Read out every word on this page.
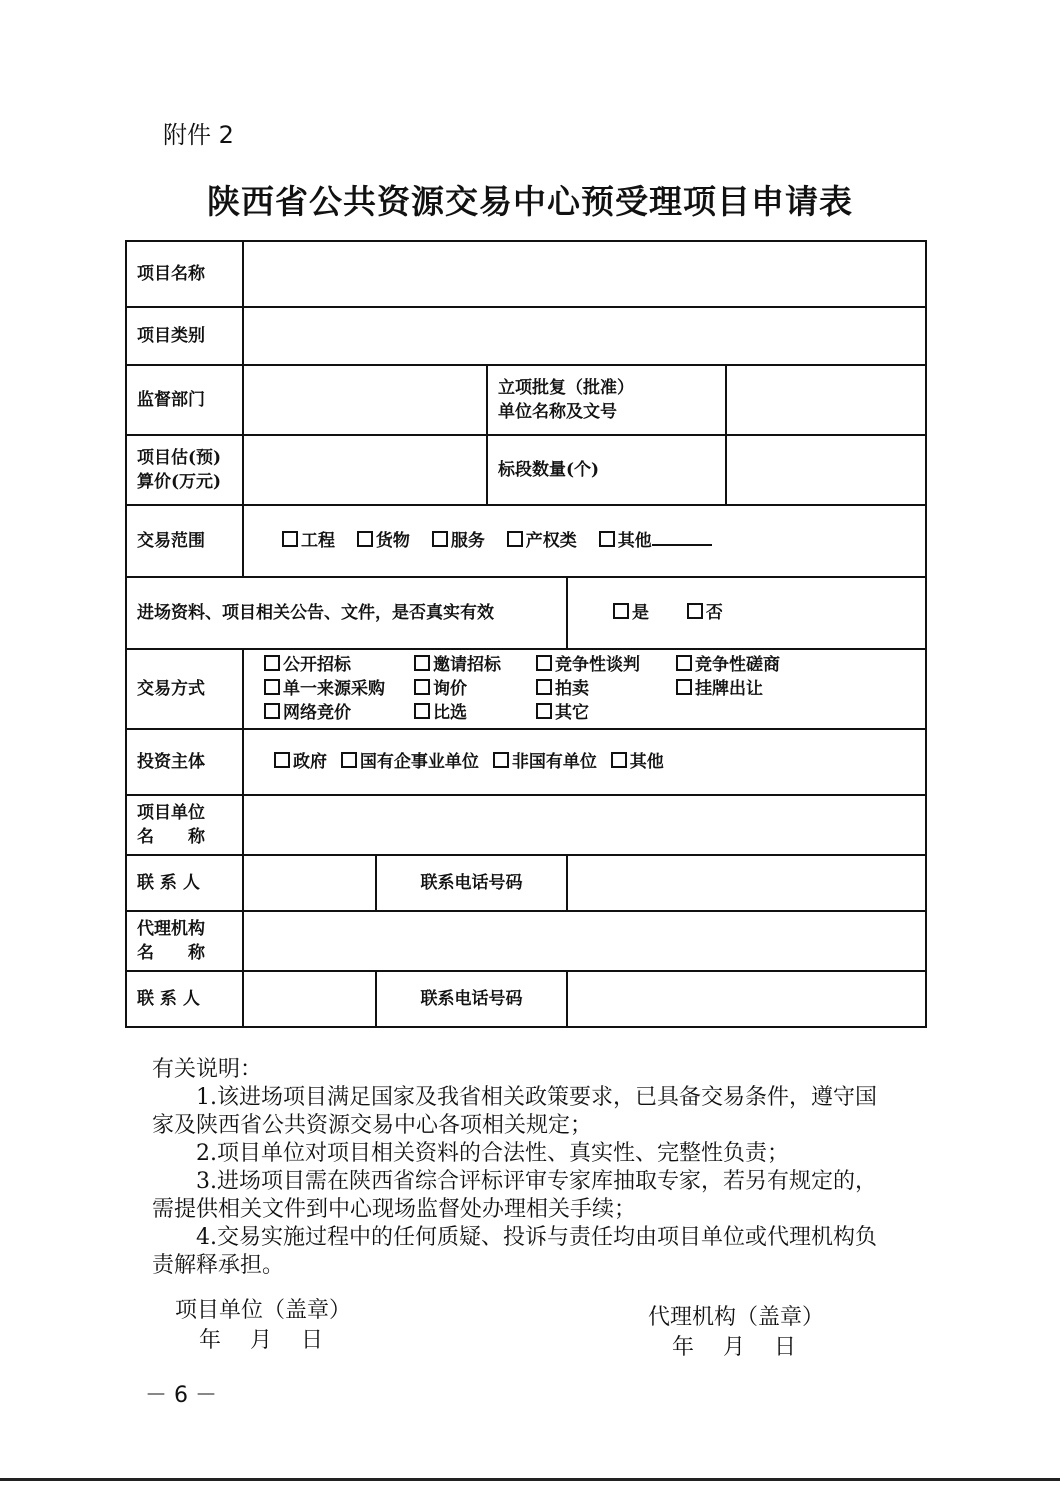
附件 2
陕西省公共资源交易中心预受理项目申请表
项目名称					
项目类别					
监督部门			立项批复（批准）
单位名称及文号		

项目估(预)
算价(万元)			标段数量(个)		
交易范围	工程 货物 服务 产权类 其他				
进场资料、项目相关公告、文件，是否真实有效				是 否	
交易方式	
公开招标	邀请招标	竞争性谈判	竞争性磋商
单一来源采购	询价	拍卖	挂牌出让
网络竞价	比选	其它

投资主体	政府 国有企事业单位 非国有单位 其他				

项目单位
名　　称					

联 系 人		联系电话号码			

代理机构
名　　称					

联 系 人		联系电话号码			

有关说明：

1.该进场项目满足国家及我省相关政策要求，已具备交易条件，遵守国家及陕西省公共资源交易中心各项相关规定；

2.项目单位对项目相关资料的合法性、真实性、完整性负责；

3.进场项目需在陕西省综合评标评审专家库抽取专家，若另有规定的，需提供相关文件到中心现场监督处办理相关手续；

4.交易实施过程中的任何质疑、投诉与责任均由项目单位或代理机构负责解释承担。

项目单位（盖章）
年 月 日
代理机构（盖章）
年 月 日
－ 6 －
